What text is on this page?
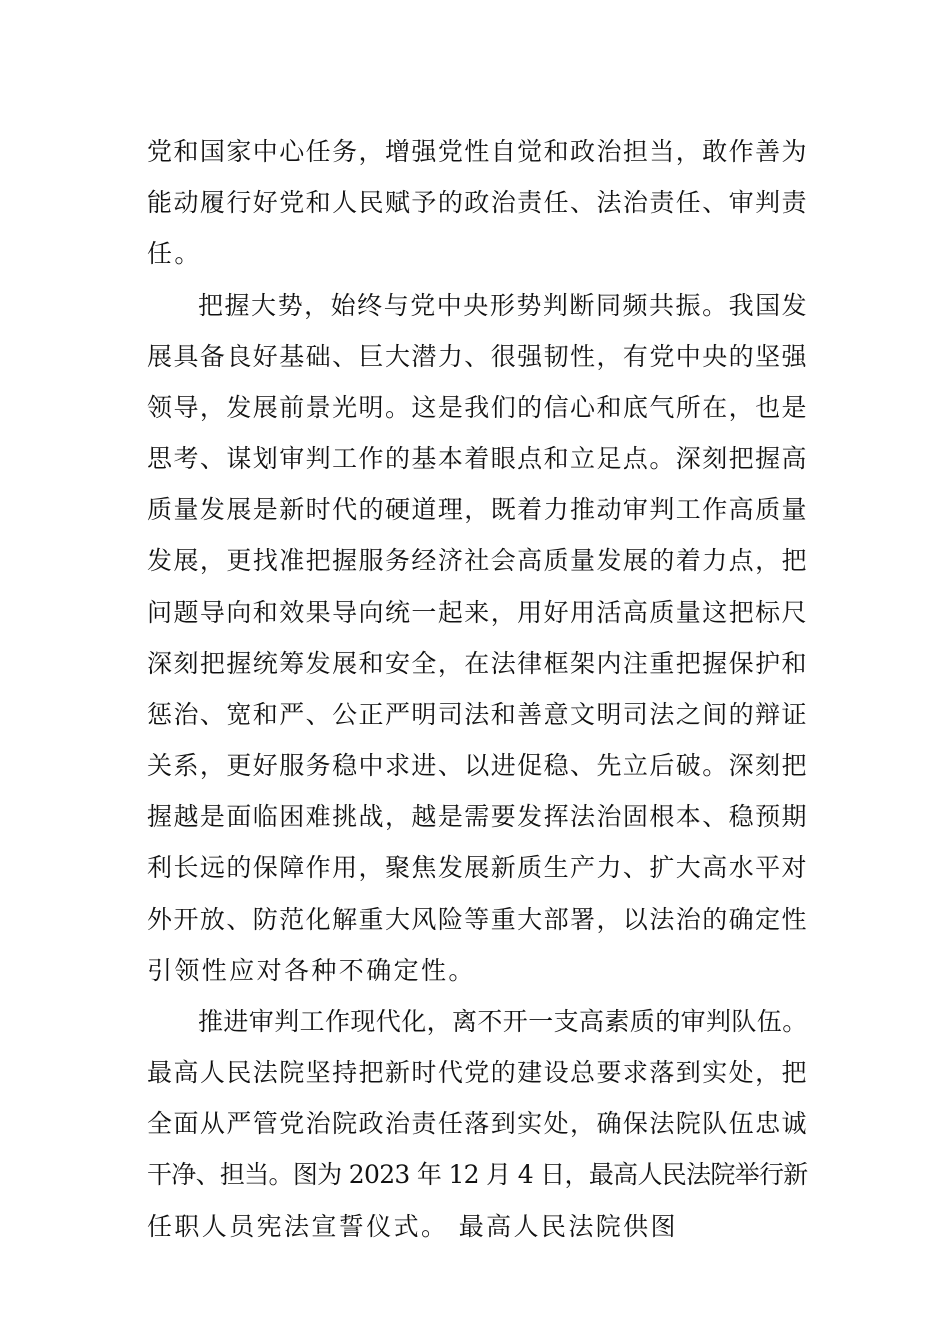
党和国家中心任务，增强党性自觉和政治担当，敢作善为
能动履行好党和人民赋予的政治责任、法治责任、审判责
任。
把握大势，始终与党中央形势判断同频共振。我国发
展具备良好基础、巨大潜力、很强韧性，有党中央的坚强
领导，发展前景光明。这是我们的信心和底气所在，也是
思考、谋划审判工作的基本着眼点和立足点。深刻把握高
质量发展是新时代的硬道理，既着力推动审判工作高质量
发展，更找准把握服务经济社会高质量发展的着力点，把
问题导向和效果导向统一起来，用好用活高质量这把标尺
深刻把握统筹发展和安全，在法律框架内注重把握保护和
惩治、宽和严、公正严明司法和善意文明司法之间的辩证
关系，更好服务稳中求进、以进促稳、先立后破。深刻把
握越是面临困难挑战，越是需要发挥法治固根本、稳预期
利长远的保障作用，聚焦发展新质生产力、扩大高水平对
外开放、防范化解重大风险等重大部署，以法治的确定性
引领性应对各种不确定性。
推进审判工作现代化，离不开一支高素质的审判队伍。
最高人民法院坚持把新时代党的建设总要求落到实处，把
全面从严管党治院政治责任落到实处，确保法院队伍忠诚
干净、担当。图为 2023 年 12 月 4 日，最高人民法院举行新
任职人员宪法宣誓仪式。 最高人民法院供图
